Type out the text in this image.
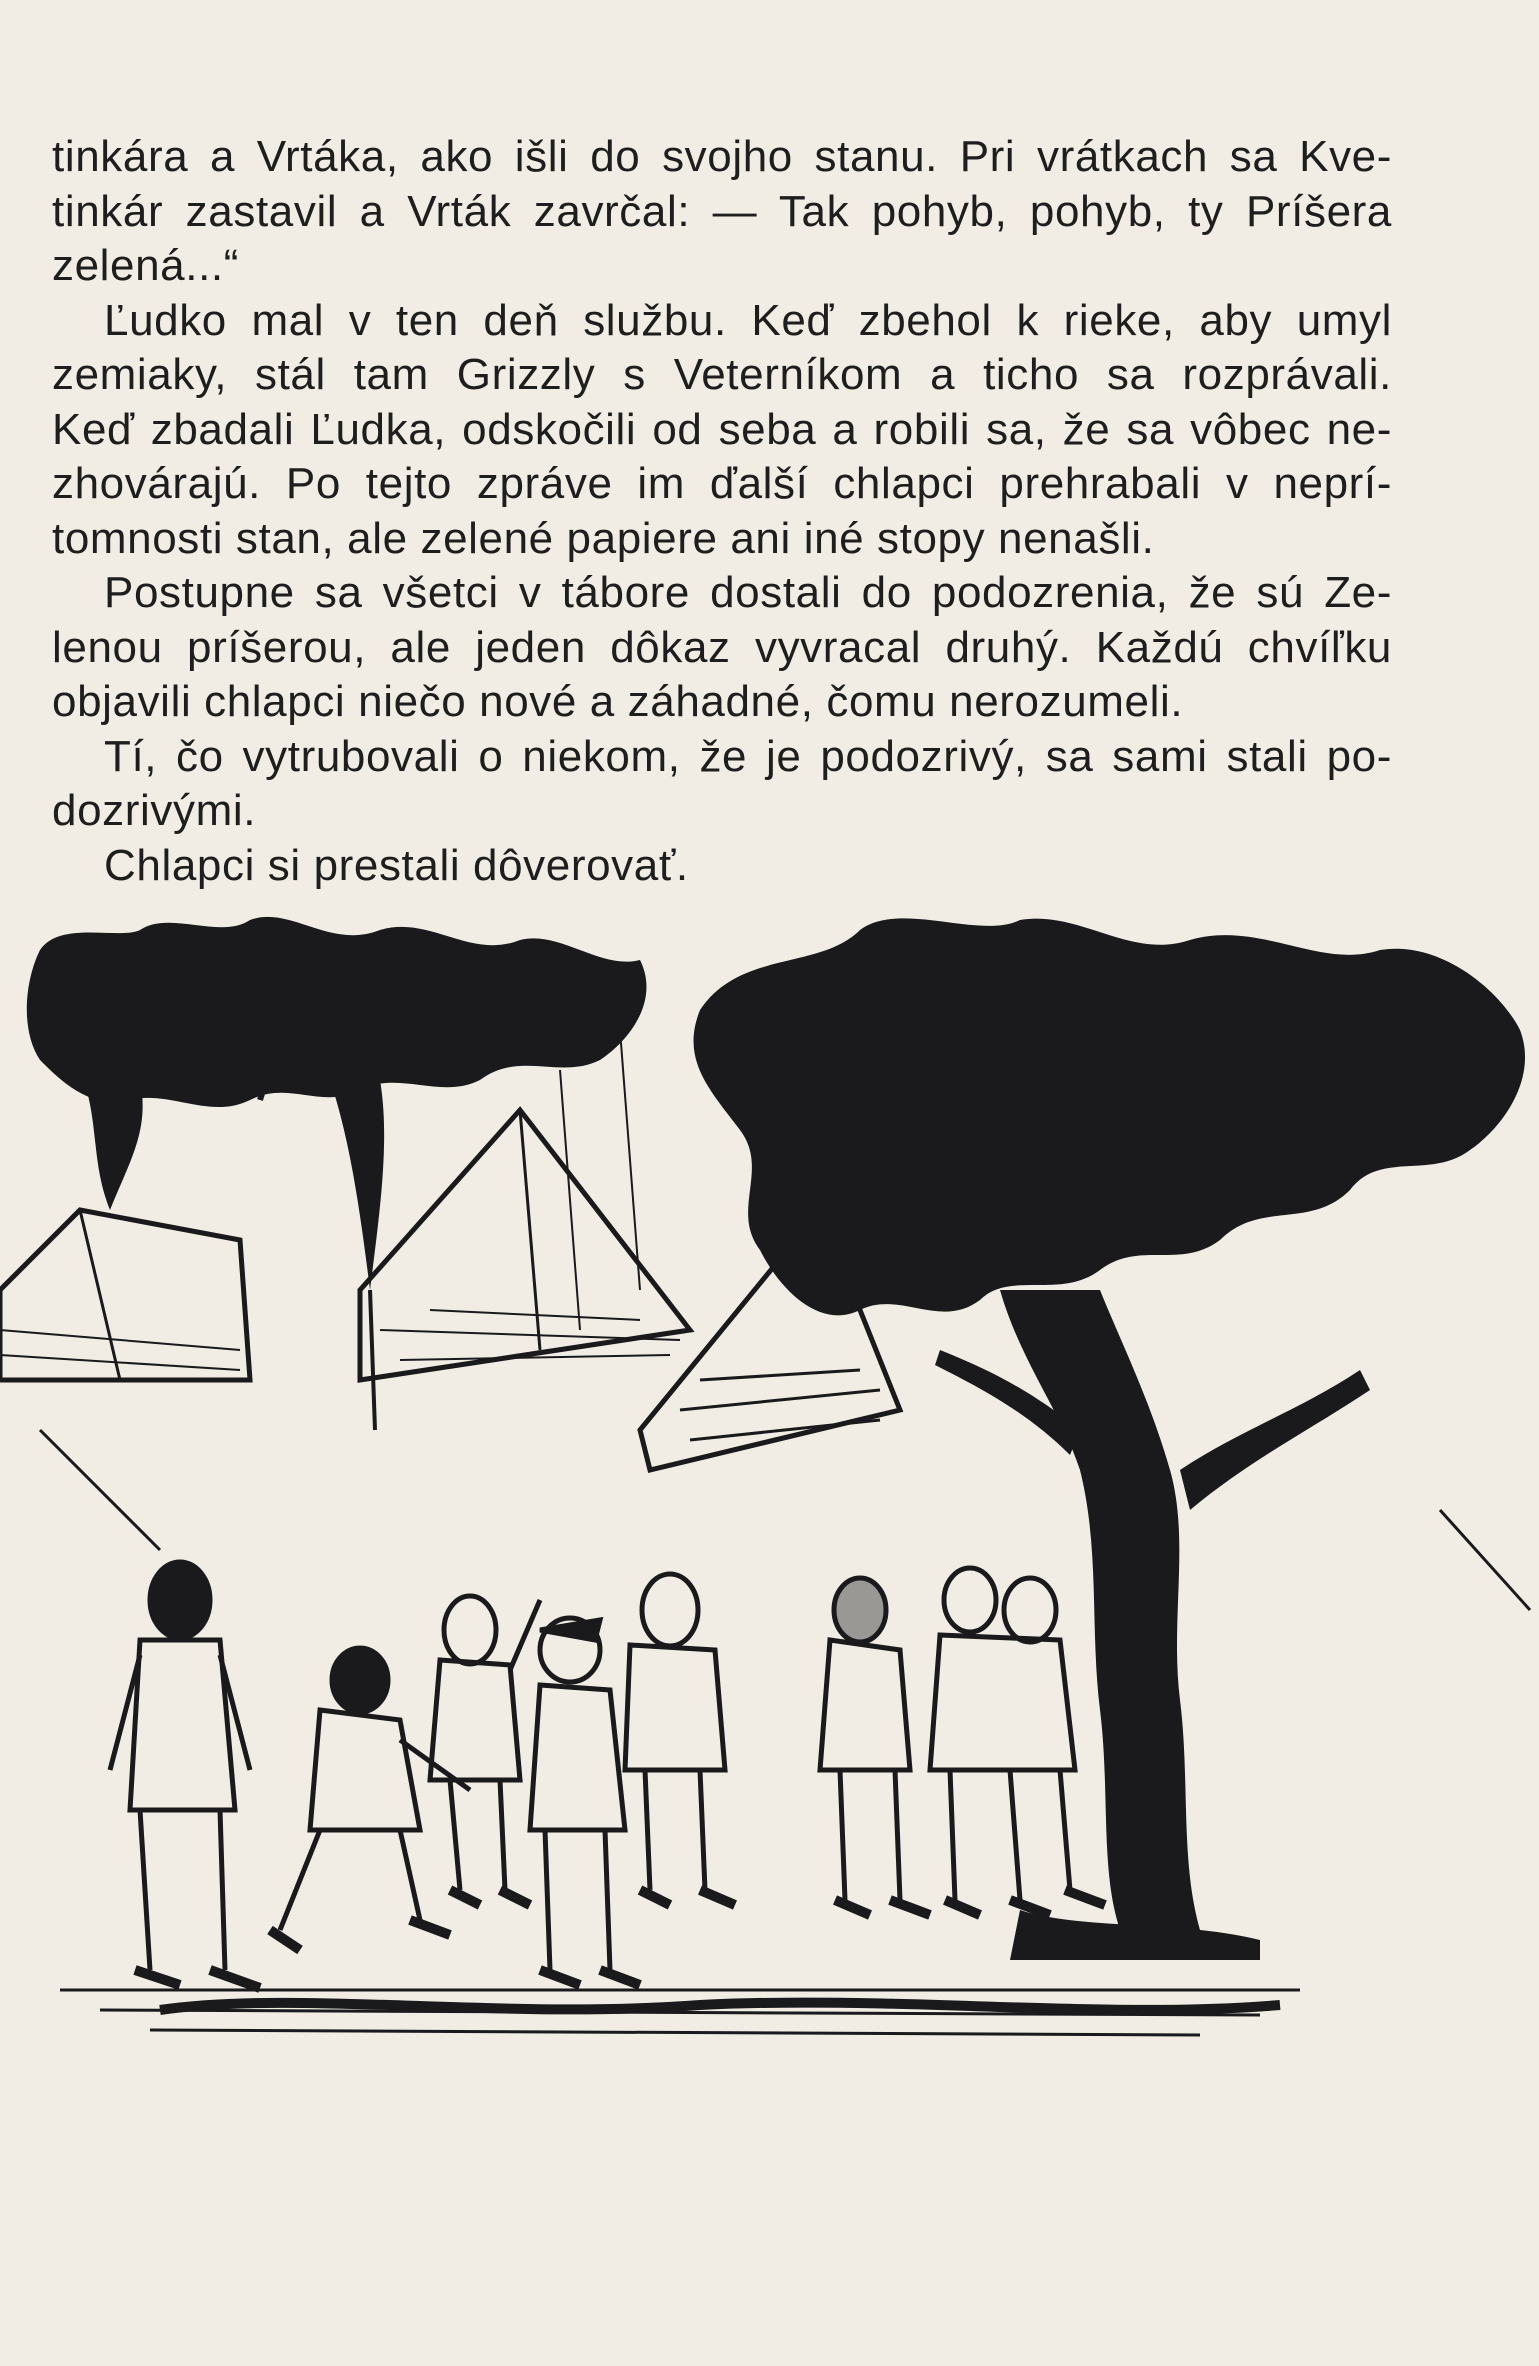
tinkára a Vrtáka, ako išli do svojho stanu. Pri vrátkach sa Kve-
tinkár zastavil a Vrták zavrčal: — Tak pohyb, pohyb, ty Príšera
zelená...“
Ľudko mal v ten deň službu. Keď zbehol k rieke, aby umyl
zemiaky, stál tam Grizzly s Veterníkom a ticho sa rozprávali.
Keď zbadali Ľudka, odskočili od seba a robili sa, že sa vôbec ne-
zhovárajú. Po tejto zpráve im ďalší chlapci prehrabali v neprí-
tomnosti stan, ale zelené papiere ani iné stopy nenašli.
Postupne sa všetci v tábore dostali do podozrenia, že sú Ze-
lenou príšerou, ale jeden dôkaz vyvracal druhý. Každú chvíľku
objavili chlapci niečo nové a záhadné, čomu nerozumeli.
Tí, čo vytrubovali o niekom, že je podozrivý, sa sami stali po-
dozrivými.
Chlapci si prestali dôverovať.
